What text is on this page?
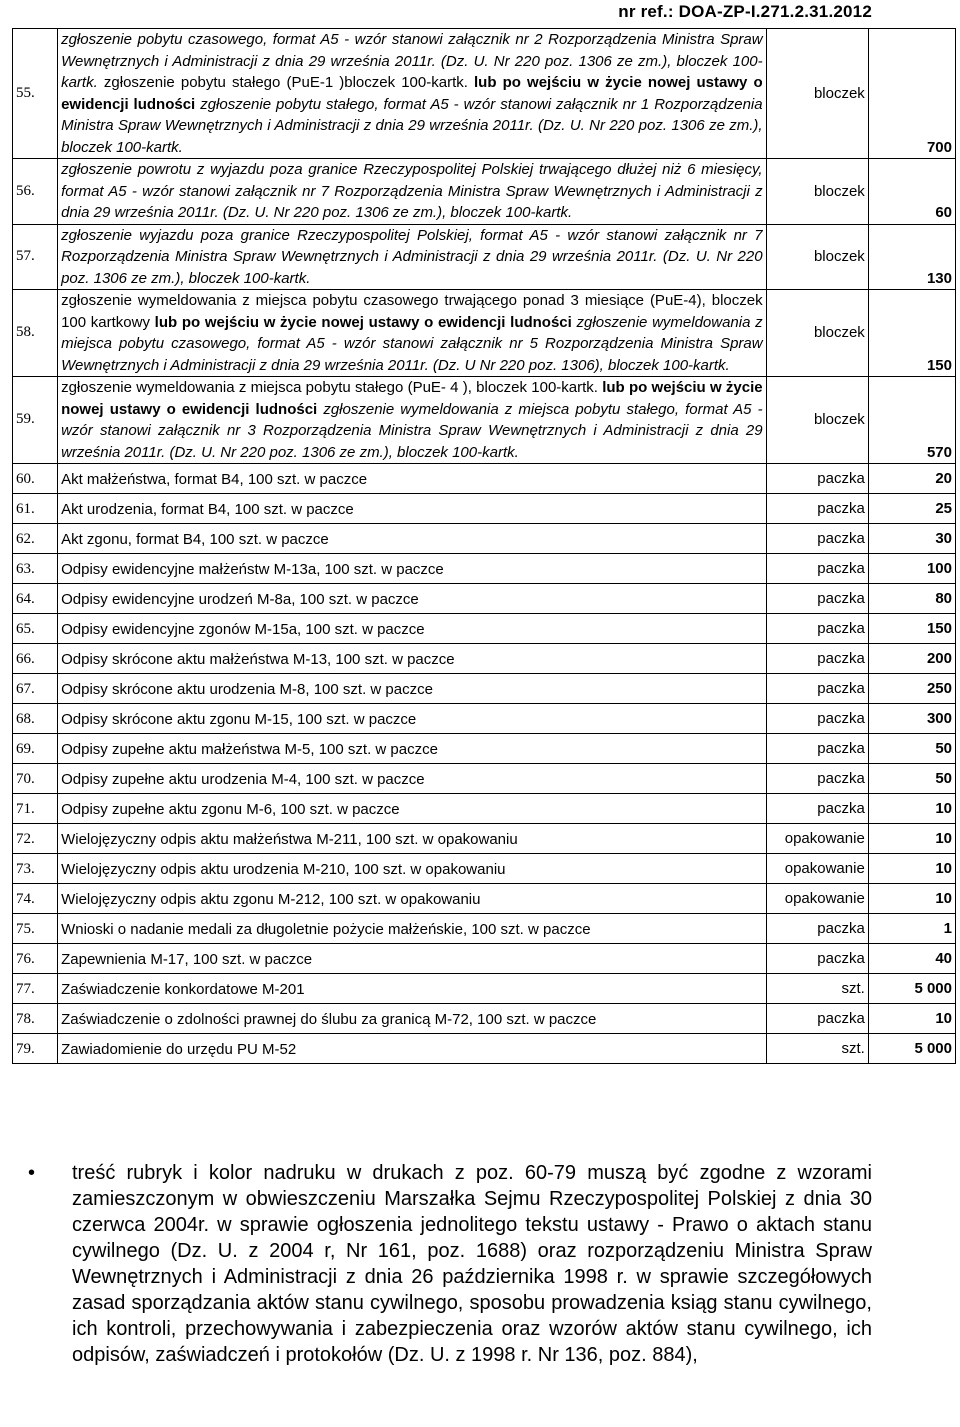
nr ref.: DOA-ZP-I.271.2.31.2012
55.	zgłoszenie pobytu czasowego, format A5 - wzór stanowi załącznik nr 2 Rozporządzenia Ministra Spraw Wewnętrznych i Administracji z dnia 29 września 2011r. (Dz. U. Nr 220 poz. 1306 ze zm.), bloczek 100-kartk. zgłoszenie pobytu stałego (PuE-1 )bloczek 100-kartk. lub po wejściu w życie nowej ustawy o ewidencji ludności zgłoszenie pobytu stałego, format A5 - wzór stanowi załącznik nr 1 Rozporządzenia Ministra Spraw Wewnętrznych i Administracji z dnia 29 września 2011r. (Dz. U. Nr 220 poz. 1306 ze zm.), bloczek 100-kartk.	bloczek	700
56.	zgłoszenie powrotu z wyjazdu poza granice Rzeczypospolitej Polskiej trwającego dłużej niż 6 miesięcy, format A5 - wzór stanowi załącznik nr 7 Rozporządzenia Ministra Spraw Wewnętrznych i Administracji z dnia 29 września 2011r. (Dz. U. Nr 220 poz. 1306 ze zm.), bloczek 100-kartk.	bloczek	60
57.	zgłoszenie wyjazdu poza granice Rzeczypospolitej Polskiej, format A5 - wzór stanowi załącznik nr 7 Rozporządzenia Ministra Spraw Wewnętrznych i Administracji z dnia 29 września 2011r. (Dz. U. Nr 220 poz. 1306 ze zm.), bloczek 100-kartk.	bloczek	130
58.	zgłoszenie wymeldowania z miejsca pobytu czasowego trwającego ponad 3 miesiące (PuE-4), bloczek 100 kartkowy lub po wejściu w życie nowej ustawy o ewidencji ludności zgłoszenie wymeldowania z miejsca pobytu czasowego, format A5 - wzór stanowi załącznik nr 5 Rozporządzenia Ministra Spraw Wewnętrznych i Administracji z dnia 29 września 2011r. (Dz. U Nr 220 poz. 1306), bloczek 100-kartk.	bloczek	150
59.	zgłoszenie wymeldowania z miejsca pobytu stałego (PuE- 4 ), bloczek 100-kartk. lub po wejściu w życie nowej ustawy o ewidencji ludności zgłoszenie wymeldowania z miejsca pobytu stałego, format A5 - wzór stanowi załącznik nr 3 Rozporządzenia Ministra Spraw Wewnętrznych i Administracji z dnia 29 września 2011r. (Dz. U. Nr 220 poz. 1306 ze zm.), bloczek 100-kartk.	bloczek	570
60.	Akt małżeństwa, format B4, 100 szt. w paczce	paczka	20
61.	Akt urodzenia, format B4, 100 szt. w paczce	paczka	25
62.	Akt zgonu, format B4, 100 szt. w paczce	paczka	30
63.	Odpisy ewidencyjne małżeństw M-13a, 100 szt. w paczce	paczka	100
64.	Odpisy ewidencyjne urodzeń M-8a, 100 szt. w paczce	paczka	80
65.	Odpisy ewidencyjne zgonów M-15a, 100 szt. w paczce	paczka	150
66.	Odpisy skrócone aktu małżeństwa M-13, 100 szt. w paczce	paczka	200
67.	Odpisy skrócone aktu urodzenia M-8, 100 szt. w paczce	paczka	250
68.	Odpisy skrócone aktu zgonu M-15, 100 szt. w paczce	paczka	300
69.	Odpisy zupełne aktu małżeństwa M-5, 100 szt. w paczce	paczka	50
70.	Odpisy zupełne aktu urodzenia M-4, 100 szt. w paczce	paczka	50
71.	Odpisy zupełne aktu zgonu M-6, 100 szt. w paczce	paczka	10
72.	Wielojęzyczny odpis aktu małżeństwa M-211, 100 szt. w opakowaniu	opakowanie	10
73.	Wielojęzyczny odpis aktu urodzenia M-210, 100 szt. w opakowaniu	opakowanie	10
74.	Wielojęzyczny odpis aktu zgonu M-212, 100 szt. w opakowaniu	opakowanie	10
75.	Wnioski o nadanie medali za długoletnie pożycie małżeńskie, 100 szt. w paczce	paczka	1
76.	Zapewnienia M-17, 100 szt. w paczce	paczka	40
77.	Zaświadczenie konkordatowe M-201	szt.	5 000
78.	Zaświadczenie o zdolności prawnej do ślubu za granicą M-72, 100 szt. w paczce	paczka	10
79.	Zawiadomienie do urzędu PU M-52	szt.	5 000
•	treść rubryk i kolor nadruku w drukach z poz. 60-79 muszą być zgodne z wzorami zamieszczonym w obwieszczeniu Marszałka Sejmu Rzeczypospolitej Polskiej z dnia 30 czerwca 2004r. w sprawie ogłoszenia jednolitego tekstu ustawy - Prawo o aktach stanu cywilnego (Dz. U. z 2004 r, Nr 161, poz. 1688) oraz rozporządzeniu Ministra Spraw Wewnętrznych i Administracji z dnia 26 października 1998 r. w sprawie szczegółowych zasad sporządzania aktów stanu cywilnego, sposobu prowadzenia ksiąg stanu cywilnego, ich kontroli, przechowywania i zabezpieczenia oraz wzorów aktów stanu cywilnego, ich odpisów, zaświadczeń i protokołów (Dz. U. z 1998 r. Nr 136, poz. 884),
